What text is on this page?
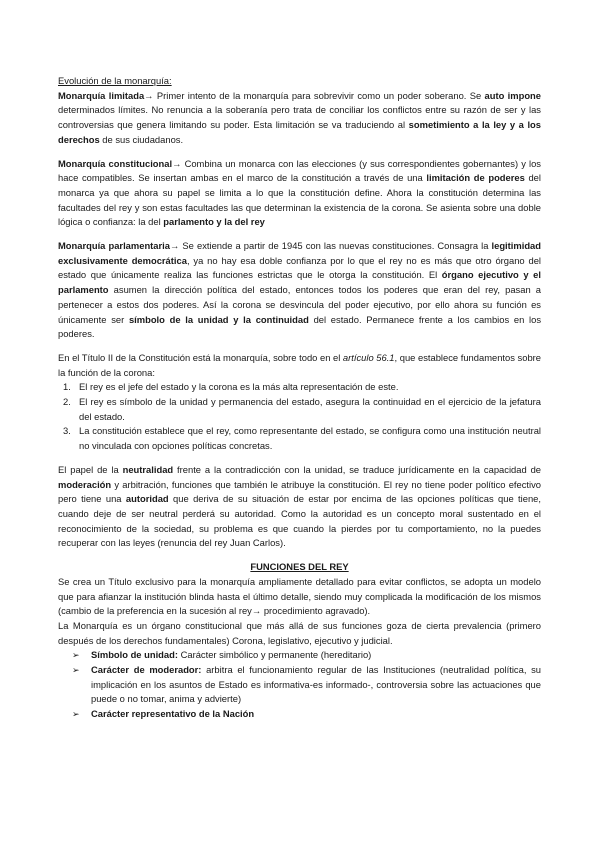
Evolución de la monarquía:

Monarquía limitada→ Primer intento de la monarquía para sobrevivir como un poder soberano. Se auto impone determinados límites. No renuncia a la soberanía pero trata de conciliar los conflictos entre su razón de ser y las controversias que genera limitando su poder. Esta limitación se va traduciendo al sometimiento a la ley y a los derechos de sus ciudadanos.

Monarquía constitucional→ Combina un monarca con las elecciones (y sus correspondientes gobernantes) y los hace compatibles. Se insertan ambas en el marco de la constitución a través de una limitación de poderes del monarca ya que ahora su papel se limita a lo que la constitución define. Ahora la constitución determina las facultades del rey y son estas facultades las que determinan la existencia de la corona. Se asienta sobre una doble lógica o confianza: la del parlamento y la del rey

Monarquía parlamentaria→ Se extiende a partir de 1945 con las nuevas constituciones. Consagra la legitimidad exclusivamente democrática, ya no hay esa doble confianza por lo que el rey no es más que otro órgano del estado que únicamente realiza las funciones estrictas que le otorga la constitución. El órgano ejecutivo y el parlamento asumen la dirección política del estado, entonces todos los poderes que eran del rey, pasan a pertenecer a estos dos poderes. Así la corona se desvincula del poder ejecutivo, por ello ahora su función es únicamente ser símbolo de la unidad y la continuidad del estado. Permanece frente a los cambios en los poderes.

En el Título II de la Constitución está la monarquía, sobre todo en el artículo 56.1, que establece fundamentos sobre la función de la corona:

1. El rey es el jefe del estado y la corona es la más alta representación de este.
2. El rey es símbolo de la unidad y permanencia del estado, asegura la continuidad en el ejercicio de la jefatura del estado.
3. La constitución establece que el rey, como representante del estado, se configura como una institución neutral no vinculada con opciones políticas concretas.

El papel de la neutralidad frente a la contradicción con la unidad, se traduce jurídicamente en la capacidad de moderación y arbitración, funciones que también le atribuye la constitución. El rey no tiene poder político efectivo pero tiene una autoridad que deriva de su situación de estar por encima de las opciones políticas que tiene, cuando deje de ser neutral perderá su autoridad. Como la autoridad es un concepto moral sustentado en el reconocimiento de la sociedad, su problema es que cuando la pierdes por tu comportamiento, no la puedes recuperar con las leyes (renuncia del rey Juan Carlos).

FUNCIONES DEL REY

Se crea un Título exclusivo para la monarquía ampliamente detallado para evitar conflictos, se adopta un modelo que para afianzar la institución blinda hasta el último detalle, siendo muy complicada la modificación de los mismos (cambio de la preferencia en la sucesión al rey→ procedimiento agravado).

La Monarquía es un órgano constitucional que más allá de sus funciones goza de cierta prevalencia (primero después de los derechos fundamentales) Corona, legislativo, ejecutivo y judicial.

➢ Símbolo de unidad: Carácter simbólico y permanente (hereditario)
➢ Carácter de moderador: arbitra el funcionamiento regular de las Instituciones (neutralidad política, su implicación en los asuntos de Estado es informativa-es informado-, controversia sobre las actuaciones que puede o no tomar, anima y advierte)
➢ Carácter representativo de la Nación
